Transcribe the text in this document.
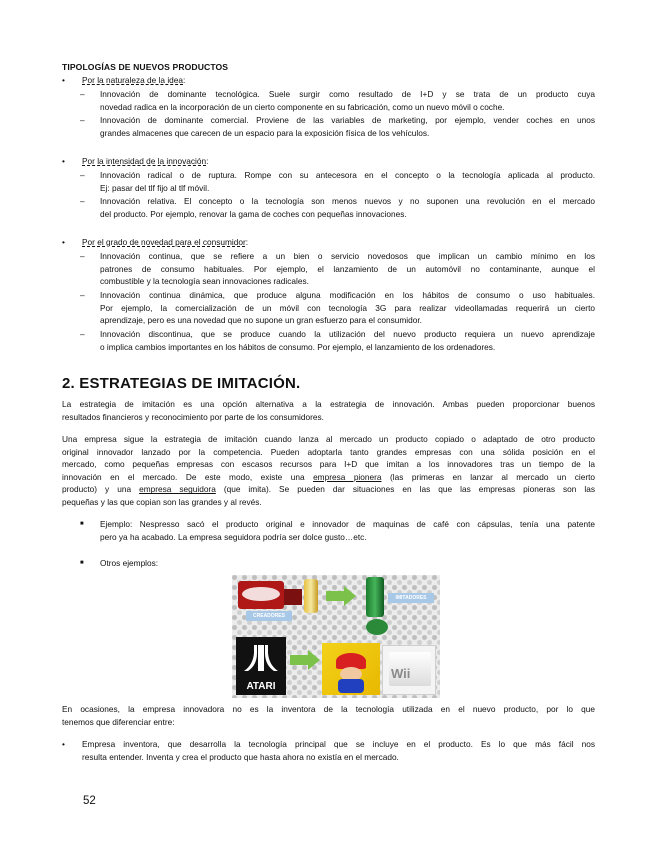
TIPOLOGÍAS DE NUEVOS PRODUCTOS
•	Por la naturaleza de la idea:
– Innovación de dominante tecnológica. Suele surgir como resultado de I+D y se trata de un producto cuya
novedad radica en la incorporación de un cierto componente en su fabricación, como un nuevo móvil o coche.
– Innovación de dominante comercial. Proviene de las variables de marketing, por ejemplo, vender coches en unos
grandes almacenes que carecen de un espacio para la exposición física de los vehículos.
•	Por la intensidad de la innovación:
– Innovación radical o de ruptura. Rompe con su antecesora en el concepto o la tecnología aplicada al producto.
Ej: pasar del tlf fijo al tlf móvil.
– Innovación relativa. El concepto o la tecnología son menos nuevos y no suponen una revolución en el mercado
del producto. Por ejemplo, renovar la gama de coches con pequeñas innovaciones.
•	Por el grado de novedad para el consumidor:
– Innovación continua, que se refiere a un bien o servicio novedosos que implican un cambio mínimo en los
patrones de consumo habituales. Por ejemplo, el lanzamiento de un automóvil no contaminante, aunque el
combustible y la tecnología sean innovaciones radicales.
– Innovación continua dinámica, que produce alguna modificación en los hábitos de consumo o uso habituales.
Por ejemplo, la comercialización de un móvil con tecnología 3G para realizar videollamadas requerirá un cierto
aprendizaje, pero es una novedad que no supone un gran esfuerzo para el consumidor.
– Innovación discontinua, que se produce cuando la utilización del nuevo producto requiera un nuevo aprendizaje
o implica cambios importantes en los hábitos de consumo. Por ejemplo, el lanzamiento de los ordenadores.
2. ESTRATEGIAS DE IMITACIÓN.
La estrategia de imitación es una opción alternativa a la estrategia de innovación. Ambas pueden proporcionar buenos
resultados financieros y reconocimiento por parte de los consumidores.
Una empresa sigue la estrategia de imitación cuando lanza al mercado un producto copiado o adaptado de otro producto
original innovador lanzado por la competencia. Pueden adoptarla tanto grandes empresas con una sólida posición en el
mercado, como pequeñas empresas con escasos recursos para I+D que imitan a los innovadores tras un tiempo de la
innovación en el mercado. De este modo, existe una empresa pionera (las primeras en lanzar al mercado un cierto
producto) y una empresa seguidora (que imita). Se pueden dar situaciones en las que las empresas pioneras son las
pequeñas y las que copian son las grandes y al revés.
■ Ejemplo: Nespresso sacó el producto original e innovador de maquinas de café con cápsulas, tenía una patente
pero ya ha acabado. La empresa seguidora podría ser dolce gusto…etc.
■ Otros ejemplos:
CREADORES
IMITADORES
ATARI
Wii
En ocasiones, la empresa innovadora no es la inventora de la tecnología utilizada en el nuevo producto, por lo que
tenemos que diferenciar entre:
• Empresa inventora, que desarrolla la tecnología principal que se incluye en el producto. Es lo que más fácil nos
resulta entender. Inventa y crea el producto que hasta ahora no existía en el mercado.
52
